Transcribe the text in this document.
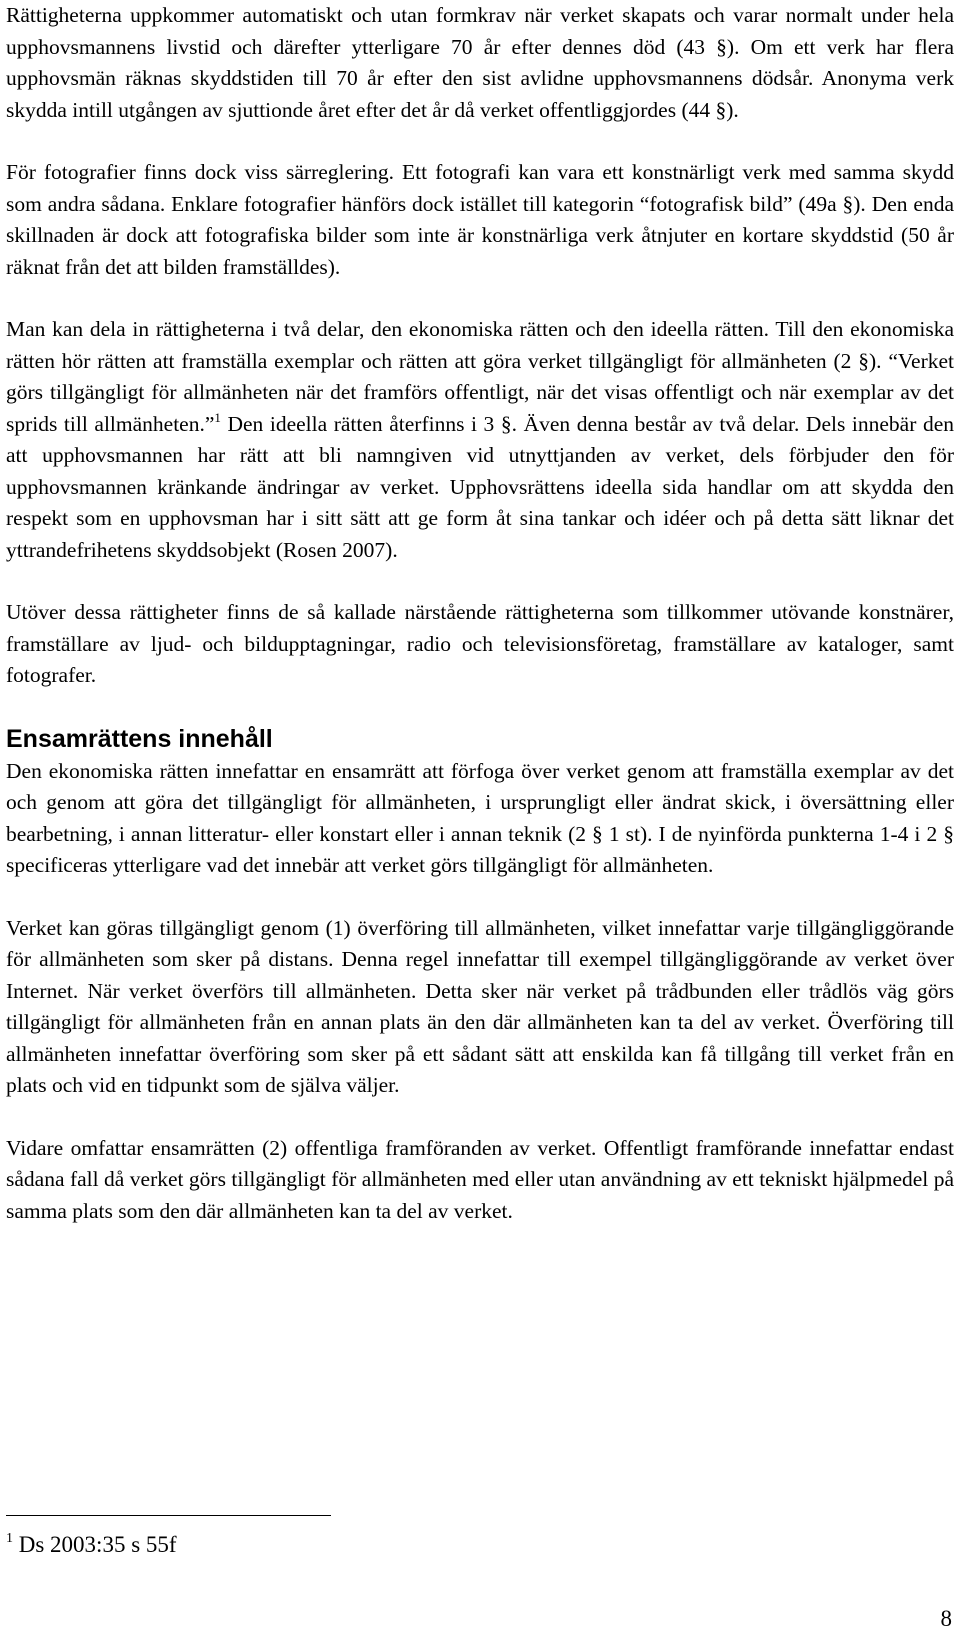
Rättigheterna uppkommer automatiskt och utan formkrav när verket skapats och varar normalt under hela upphovsmannens livstid och därefter ytterligare 70 år efter dennes död (43 §). Om ett verk har flera upphovsmän räknas skyddstiden till 70 år efter den sist avlidne upphovsmannens dödsår. Anonyma verk skydda intill utgången av sjuttionde året efter det år då verket offentliggjordes (44 §).

För fotografier finns dock viss särreglering. Ett fotografi kan vara ett konstnärligt verk med samma skydd som andra sådana. Enklare fotografier hänförs dock istället till kategorin “fotografisk bild” (49a §). Den enda skillnaden är dock att fotografiska bilder som inte är konstnärliga verk åtnjuter en kortare skyddstid (50 år räknat från det att bilden framställdes).

Man kan dela in rättigheterna i två delar, den ekonomiska rätten och den ideella rätten. Till den ekonomiska rätten hör rätten att framställa exemplar och rätten att göra verket tillgängligt för allmänheten (2 §). “Verket görs tillgängligt för allmänheten när det framförs offentligt, när det visas offentligt och när exemplar av det sprids till allmänheten.”$^1$ Den ideella rätten återfinns i 3 §. Även denna består av två delar. Dels innebär den att upphovsmannen har rätt att bli namngiven vid utnyttjanden av verket, dels förbjuder den för upphovsmannen kränkande ändringar av verket. Upphovsrättens ideella sida handlar om att skydda den respekt som en upphovsman har i sitt sätt att ge form åt sina tankar och idéer och på detta sätt liknar det yttrandefrihetens skyddsobjekt (Rosen 2007).

Utöver dessa rättigheter finns de så kallade närstående rättigheterna som tillkommer utövande konstnärer, framställare av ljud- och bildupptagningar, radio och televisionsföretag, framställare av kataloger, samt fotografer.

Ensamrättens innehåll

Den ekonomiska rätten innefattar en ensamrätt att förfoga över verket genom att framställa exemplar av det och genom att göra det tillgängligt för allmänheten, i ursprungligt eller ändrat skick, i översättning eller bearbetning, i annan litteratur- eller konstart eller i annan teknik (2 § 1 st). I de nyinförda punkterna 1-4 i 2 § specificeras ytterligare vad det innebär att verket görs tillgängligt för allmänheten.

Verket kan göras tillgängligt genom (1) överföring till allmänheten, vilket innefattar varje tillgängliggörande för allmänheten som sker på distans. Denna regel innefattar till exempel tillgängliggörande av verket över Internet. När verket överförs till allmänheten. Detta sker när verket på trådbunden eller trådlös väg görs tillgängligt för allmänheten från en annan plats än den där allmänheten kan ta del av verket. Överföring till allmänheten innefattar överföring som sker på ett sådant sätt att enskilda kan få tillgång till verket från en plats och vid en tidpunkt som de själva väljer.

Vidare omfattar ensamrätten (2) offentliga framföranden av verket. Offentligt framförande innefattar endast sådana fall då verket görs tillgängligt för allmänheten med eller utan användning av ett tekniskt hjälpmedel på samma plats som den där allmänheten kan ta del av verket.

$^1$ Ds 2003:35 s 55f
8
